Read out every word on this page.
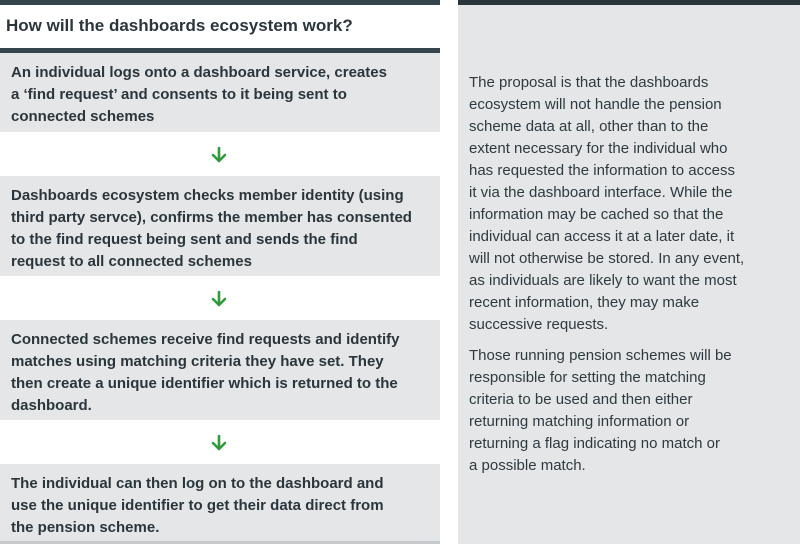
How will the dashboards ecosystem work?
An individual logs onto a dashboard service, creates
a ‘find request’ and consents to it being sent to
connected schemes
Dashboards ecosystem checks member identity (using
third party servce), confirms the member has consented
to the find request being sent and sends the find
request to all connected schemes
Connected schemes receive find requests and identify
matches using matching criteria they have set. They
then create a unique identifier which is returned to the
dashboard.
The individual can then log on to the dashboard and
use the unique identifier to get their data direct from
the pension scheme.

The proposal is that the dashboards
ecosystem will not handle the pension
scheme data at all, other than to the
extent necessary for the individual who
has requested the information to access
it via the dashboard interface. While the
information may be cached so that the
individual can access it at a later date, it
will not otherwise be stored. In any event,
as individuals are likely to want the most
recent information, they may make
successive requests.

Those running pension schemes will be
responsible for setting the matching
criteria to be used and then either
returning matching information or
returning a flag indicating no match or
a possible match.
